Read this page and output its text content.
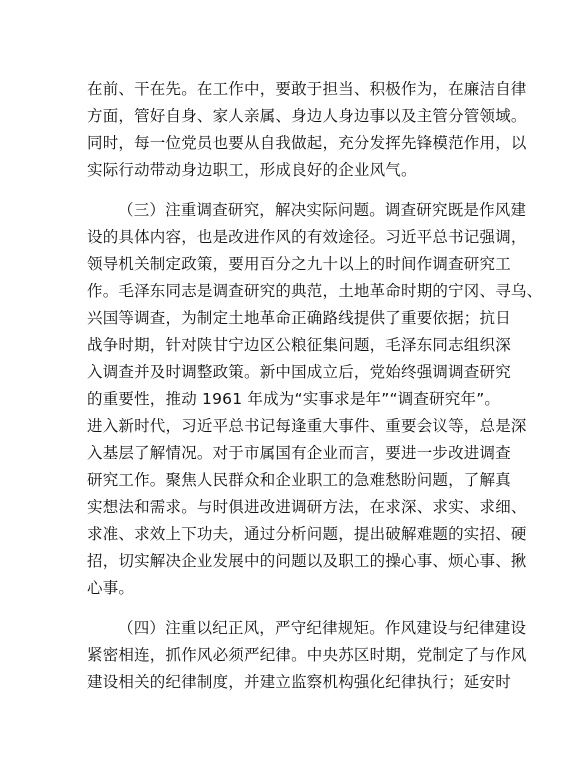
在前、干在先。在工作中，要敢于担当、积极作为，在廉洁自律
方面，管好自身、家人亲属、身边人身边事以及主管分管领域。
同时，每一位党员也要从自我做起，充分发挥先锋模范作用，以
实际行动带动身边职工，形成良好的企业风气。
（三）注重调查研究，解决实际问题。调查研究既是作风建
设的具体内容，也是改进作风的有效途径。习近平总书记强调，
领导机关制定政策，要用百分之九十以上的时间作调查研究工
作。毛泽东同志是调查研究的典范，土地革命时期的宁冈、寻乌、
兴国等调查，为制定土地革命正确路线提供了重要依据；抗日
战争时期，针对陕甘宁边区公粮征集问题，毛泽东同志组织深
入调查并及时调整政策。新中国成立后，党始终强调调查研究
的重要性，推动 1961 年成为“实事求是年”“调查研究年”。
进入新时代，习近平总书记每逢重大事件、重要会议等，总是深
入基层了解情况。对于市属国有企业而言，要进一步改进调查
研究工作。聚焦人民群众和企业职工的急难愁盼问题，了解真
实想法和需求。与时俱进改进调研方法，在求深、求实、求细、
求准、求效上下功夫，通过分析问题，提出破解难题的实招、硬
招，切实解决企业发展中的问题以及职工的操心事、烦心事、揪
心事。
（四）注重以纪正风，严守纪律规矩。作风建设与纪律建设
紧密相连，抓作风必须严纪律。中央苏区时期，党制定了与作风
建设相关的纪律制度，并建立监察机构强化纪律执行；延安时
